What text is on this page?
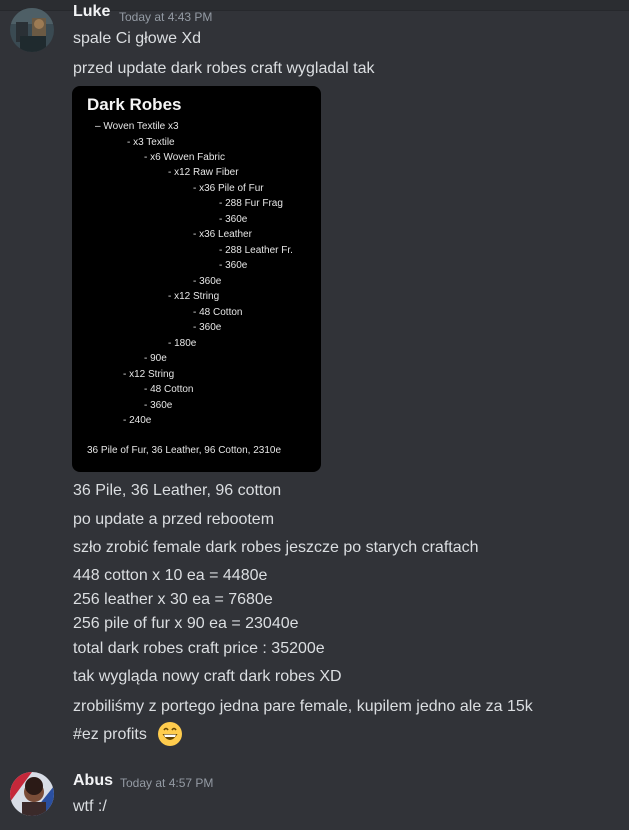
Luke Today at 4:43 PM
spale Ci głowe Xd
przed update dark robes craft wygladal tak
Dark Robes
– Woven Textile x3
- x3 Textile
- x6 Woven Fabric
- x12 Raw Fiber
- x36 Pile of Fur
- 288 Fur Frag
- 360e
- x36 Leather
- 288 Leather Fr.
- 360e
- 360e
- x12 String
- 48 Cotton
- 360e
- 180e
- 90e
- x12 String
- 48 Cotton
- 360e
- 240e
36 Pile of Fur, 36 Leather, 96 Cotton, 2310e
36 Pile, 36 Leather, 96 cotton
po update a przed rebootem
szło zrobić female dark robes jeszcze po starych craftach
448 cotton x 10 ea = 4480e
256 leather x 30 ea = 7680e
256 pile of fur x 90 ea = 23040e
total dark robes craft price : 35200e
tak wygląda nowy craft dark robes XD
zrobiliśmy z portego jedna pare female, kupilem jedno ale za 15k
#ez profits
Abus Today at 4:57 PM
wtf :/
